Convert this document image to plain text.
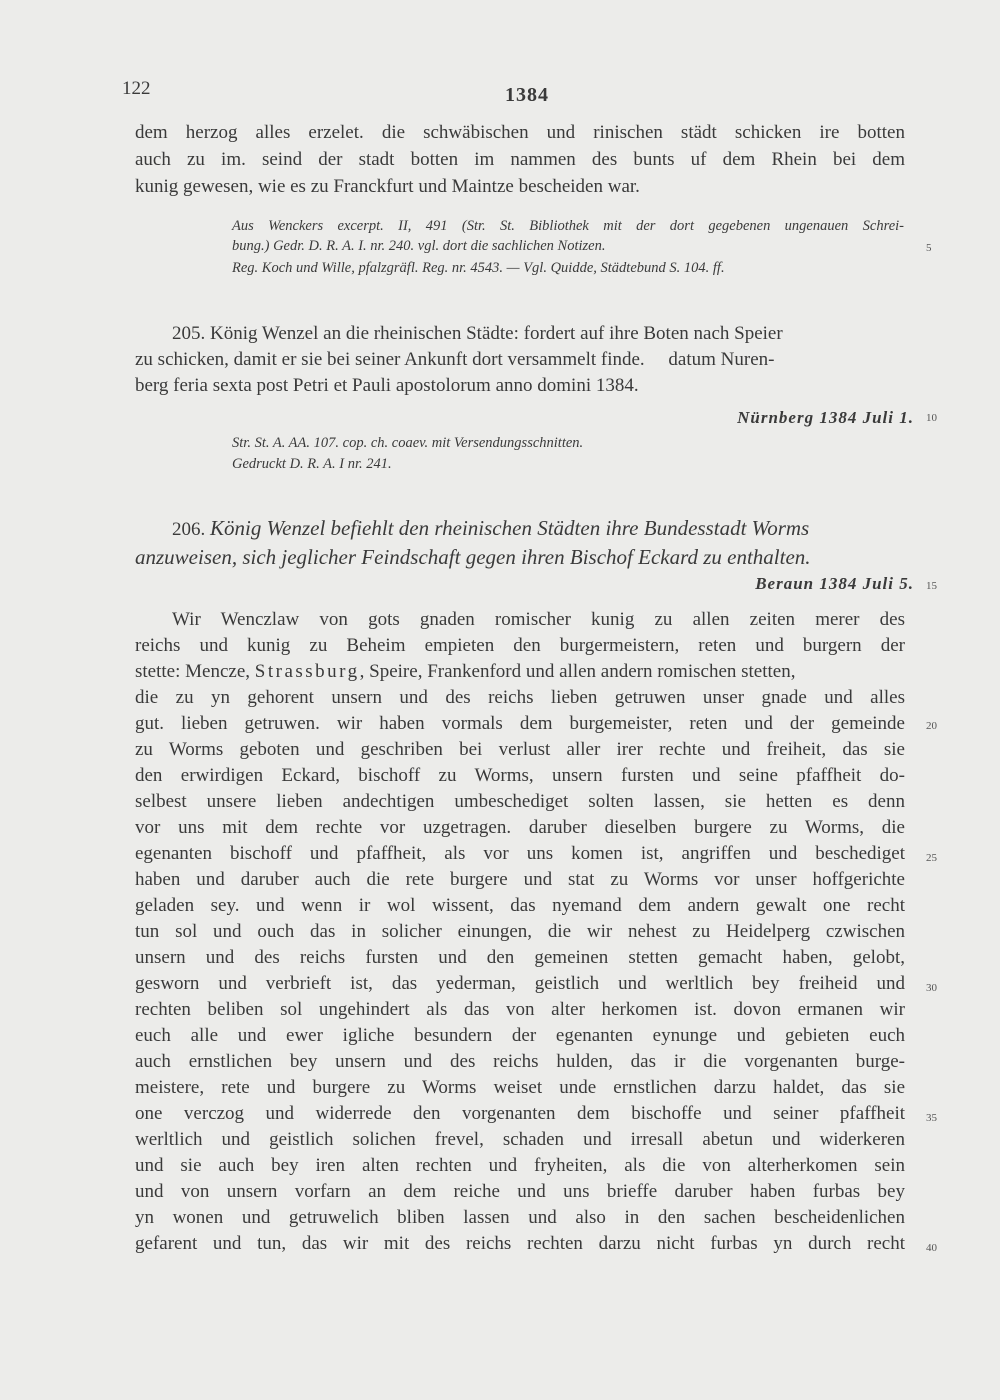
122	1384
dem herzog alles erzelet. die schwäbischen und rinischen städt schicken ire botten
auch zu im. seind der stadt botten im nammen des bunts uf dem Rhein bei dem
kunig gewesen, wie es zu Franckfurt und Maintze bescheiden war.
Aus Wenckers excerpt. II, 491 (Str. St. Bibliothek mit der dort gegebenen ungenauen Schrei-
bung.) Gedr. D. R. A. I. nr. 240. vgl. dort die sachlichen Notizen.
Reg. Koch und Wille, pfalzgräfl. Reg. nr. 4543. — Vgl. Quidde, Städtebund S. 104. ff.
5
205. König Wenzel an die rheinischen Städte: fordert auf ihre Boten nach Speier
zu schicken, damit er sie bei seiner Ankunft dort versammelt finde.     datum Nuren-
berg feria sexta post Petri et Pauli apostolorum anno domini 1384.
Nürnberg 1384 Juli 1. 10
Str. St. A. AA. 107. cop. ch. coaev. mit Versendungsschnitten.
Gedruckt D. R. A. I nr. 241.
206. König Wenzel befiehlt den rheinischen Städten ihre Bundesstadt Worms
anzuweisen, sich jeglicher Feindschaft gegen ihren Bischof Eckard zu enthalten.
Beraun 1384 Juli 5. 15
Wir Wenczlaw von gots gnaden romischer kunig zu allen zeiten merer des
reichs und kunig zu Beheim empieten den burgermeistern, reten und burgern der
stette: Mencze, Strassburg, Speire, Frankenford und allen andern romischen stetten,
die zu yn gehorent unsern und des reichs lieben getruwen unser gnade und alles
gut. lieben getruwen. wir haben vormals dem burgemeister, reten und der gemeinde 20
zu Worms geboten und geschriben bei verlust aller irer rechte und freiheit, das sie
den erwirdigen Eckard, bischoff zu Worms, unsern fursten und seine pfaffheit do-
selbest unsere lieben andechtigen umbeschediget solten lassen, sie hetten es denn
vor uns mit dem rechte vor uzgetragen. daruber dieselben burgere zu Worms, die
egenanten bischoff und pfaffheit, als vor uns komen ist, angriffen und beschediget 25
haben und daruber auch die rete burgere und stat zu Worms vor unser hoffgerichte
geladen sey. und wenn ir wol wissent, das nyemand dem andern gewalt one recht
tun sol und ouch das in solicher einungen, die wir nehest zu Heidelperg czwischen
unsern und des reichs fursten und den gemeinen stetten gemacht haben, gelobt,
gesworn und verbrieft ist, das yederman, geistlich und werltlich bey freiheid und 30
rechten beliben sol ungehindert als das von alter herkomen ist. dovon ermanen wir
euch alle und ewer igliche besundern der egenanten eynunge und gebieten euch
auch ernstlichen bey unsern und des reichs hulden, das ir die vorgenanten burge-
meistere, rete und burgere zu Worms weiset unde ernstlichen darzu haldet, das sie
one verczog und widerrede den vorgenanten dem bischoffe und seiner pfaffheit 35
werltlich und geistlich solichen frevel, schaden und irresall abetun und widerkeren
und sie auch bey iren alten rechten und fryheiten, als die von alterherkomen sein
und von unsern vorfarn an dem reiche und uns brieffe daruber haben furbas bey
yn wonen und getruwelich bliben lassen und also in den sachen bescheidenlichen
gefarent und tun, das wir mit des reichs rechten darzu nicht furbas yn durch recht 40
